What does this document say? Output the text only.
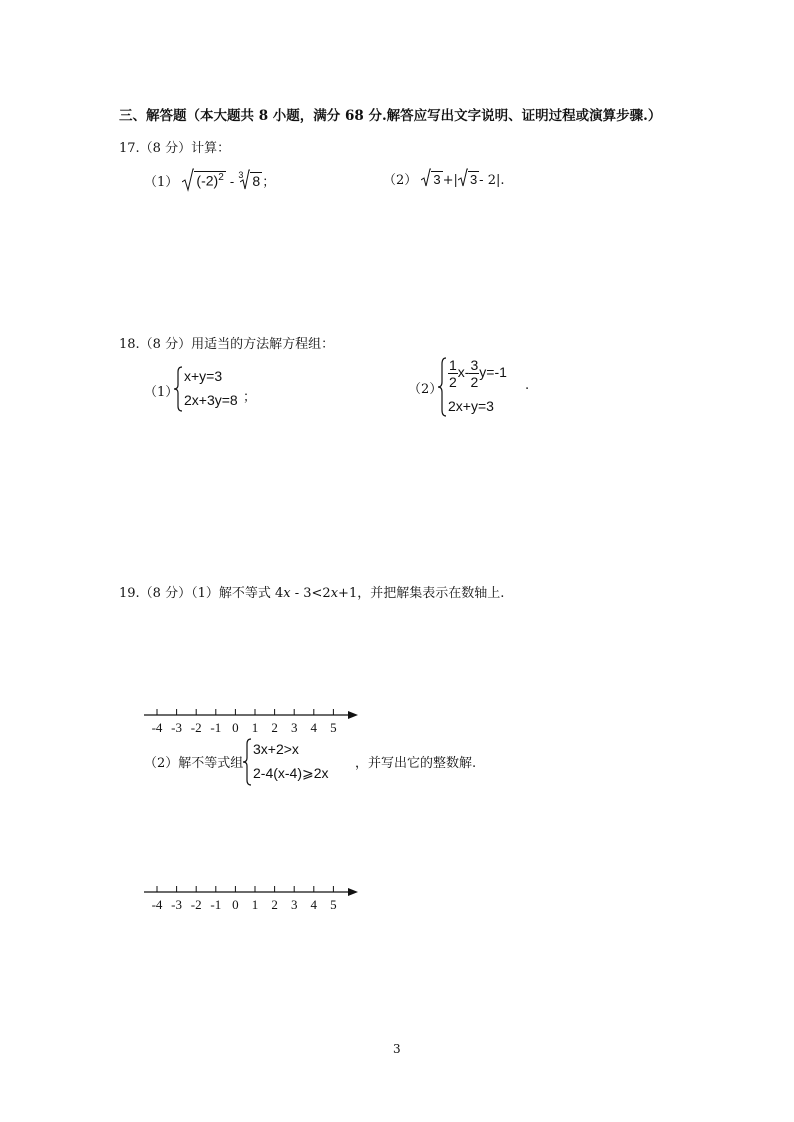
三、解答题（本大题共 8 小题，满分 68 分.解答应写出文字说明、证明过程或演算步骤.）
17.（8 分）计算：
（1） $(-2)^2 - ^3$ 8 ；	（2） 3 +| 3 - 2|.
18.（8 分）用适当的方法解方程组：
（1）
x+y=3
2x+3y=8 ；
（2）
$\frac{1}{2} x- \frac{3}{2} y=-1$
2x+y=3
.
19.（8 分）（1）解不等式 4x - 3<2x+1，并把解集表示在数轴上.
-4 -3 -2 -1 0 1 2 3 4 5
（2）解不等式组
3x+2>x
2-4(x-4)⩾2x
，并写出它的整数解.
-4 -3 -2 -1 0 1 2 3 4 5
3
